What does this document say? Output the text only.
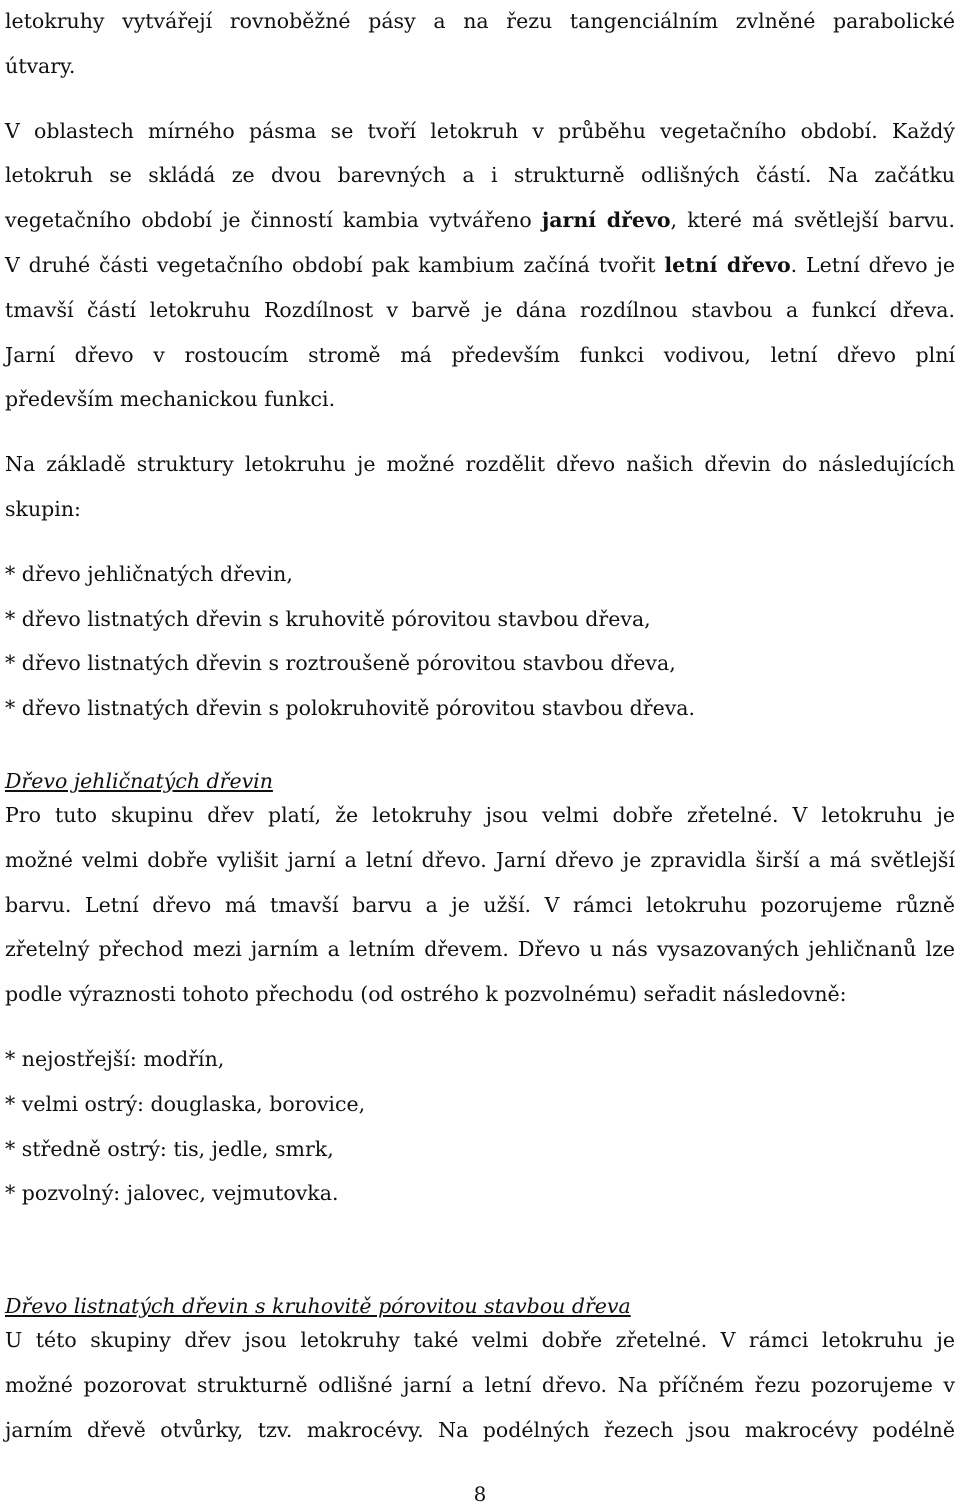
letokruhy vytvářejí rovnoběžné pásy a na řezu tangenciálním zvlněné parabolické
útvary.
V oblastech mírného pásma se tvoří letokruh v průběhu vegetačního období. Každý
letokruh se skládá ze dvou barevných a i strukturně odlišných částí. Na začátku
vegetačního období je činností kambia vytvářeno jarní dřevo, které má světlejší barvu.
V druhé části vegetačního období pak kambium začíná tvořit letní dřevo. Letní dřevo je
tmavší částí letokruhu Rozdílnost v barvě je dána rozdílnou stavbou a funkcí dřeva.
Jarní dřevo v rostoucím stromě má především funkci vodivou, letní dřevo plní
především mechanickou funkci.
Na základě struktury letokruhu je možné rozdělit dřevo našich dřevin do následujících
skupin:
* dřevo jehličnatých dřevin,
* dřevo listnatých dřevin s kruhovitě pórovitou stavbou dřeva,
* dřevo listnatých dřevin s roztroušeně pórovitou stavbou dřeva,
* dřevo listnatých dřevin s polokruhovitě pórovitou stavbou dřeva.

Dřevo jehličnatých dřevin

Pro tuto skupinu dřev platí, že letokruhy jsou velmi dobře zřetelné. V letokruhu je
možné velmi dobře vylišit jarní a letní dřevo. Jarní dřevo je zpravidla širší a má světlejší
barvu. Letní dřevo má tmavší barvu a je užší. V rámci letokruhu pozorujeme různě
zřetelný přechod mezi jarním a letním dřevem. Dřevo u nás vysazovaných jehličnanů lze
podle výraznosti tohoto přechodu (od ostrého k pozvolnému) seřadit následovně:
* nejostřejší: modřín,
* velmi ostrý: douglaska, borovice,
* středně ostrý: tis, jedle, smrk,
* pozvolný: jalovec, vejmutovka.

Dřevo listnatých dřevin s kruhovitě pórovitou stavbou dřeva

U této skupiny dřev jsou letokruhy také velmi dobře zřetelné. V rámci letokruhu je
možné pozorovat strukturně odlišné jarní a letní dřevo. Na příčném řezu pozorujeme v
jarním dřevě otvůrky, tzv. makrocévy. Na podélných řezech jsou makrocévy podélně
8
